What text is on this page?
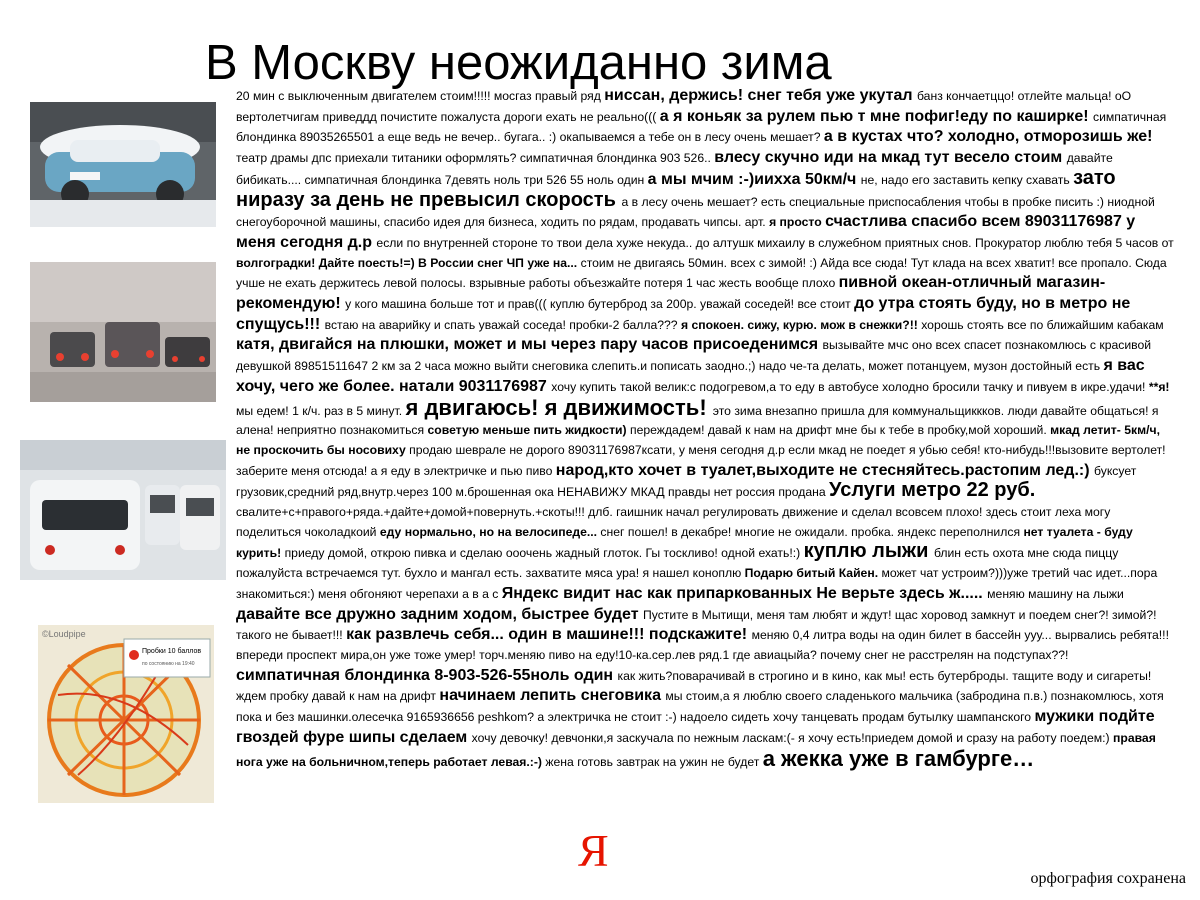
В Москву неожиданно зима
Пробки 10 баллов
по состоянию на 19:40
©Loudpipe
20 мин с выключенным двигателем стоим!!!!! мосгаз правый ряд ниссан, держись! снег тебя уже укутал банз кончаетццо! отлейте мальца! оО вертолетчигам приведдд почистите пожалуста дороги ехать не реально((( а я коньяк за рулем пью т мне пофиг!еду по каширке! симпатичная блондинка 89035265501 а еще ведь не вечер.. бугага.. :) окапываемся а тебе он в лесу очень мешает? а в кустах что? холодно, отморозишь же! театр драмы дпс приехали титаники оформлять? симпатичная блондинка 903 526.. влесу скучно иди на мкад тут весело стоим давайте бибикать.... симпатичная блондинка 7девять ноль три 526 55 ноль один а мы мчим :-)иихха 50км/ч не, надо его заставить кепку схавать зато ниразу за день не превысил скорость а в лесу очень мешает? есть специальные приспосабления чтобы в пробке писить :) ниодной снегоуборочной машины, спасибо идея для бизнеса, ходить по рядам, продавать чипсы. арт. я просто счастлива спасибо всем 89031176987 у меня сегодня д.р если по внутренней стороне то твои дела хуже некуда.. до алтушк михаилу в служебном приятных снов. Прокуратор люблю тебя 5 часов от волгоградки! Дайте поесть!=) В России снег ЧП уже на... стоим не двигаясь 50мин. всех с зимой! :) Айда все сюда! Тут клада на всех хватит! все пропало. Сюда учше не ехать держитесь левой полосы. взрывные работы объезжайте потеря 1 час жесть вообще плохо пивной океан-отличный магазин-рекомендую! у кого машина больше тот и прав((( куплю бутерброд за 200р. уважай соседей! все стоит до утра стоять буду, но в метро не спущусь!!! встаю на аварийку и спать уважай соседа! пробки-2 балла??? я спокоен. сижу, курю. мож в снежки?!! хорошь стоять все по ближайшим кабакам катя, двигайся на плюшки, может и мы через пару часов присоеденимся вызывайте мчс оно всех спасет познакомлюсь с красивой девушкой 89851511647 2 км за 2 часа можно выйти снеговика слепить.и пописать заодно.;) надо че-та делать, может потанцуем, музон достойный есть я вас хочу, чего же более. натали 9031176987 хочу купить такой велик:с подогревом,а то еду в автобусе холодно бросили тачку и пивуем в икре.удачи! **я! мы едем! 1 к/ч. раз в 5 минут. я двигаюсь! я движимость! это зима внезапно пришла для коммунальщиккков. люди давайте общаться! я алена! неприятно познакомиться советую меньше пить жидкости) переждадем! давай к нам на дрифт мне бы к тебе в пробку,мой хороший. мкад летит- 5км/ч, не проскочить бы носовиху продаю шеврале не дорого 89031176987ксати, у меня сегодня д.р если мкад не поедет я убью себя! кто-нибудь!!!вызовите вертолет!заберите меня отсюда! а я еду в электричке и пью пиво народ,кто хочет в туалет,выходите не стесняйтесь.растопим лед.:) буксует грузовик,средний ряд,внутр.через 100 м.брошенная ока НЕНАВИЖУ МКАД правды нет россия продана Услуги метро 22 руб. свалите+с+правого+ряда.+дайте+домой+повернуть.+скоты!!! длб. гаишник начал регулировать движение и сделал всовсем плохо! здесь стоит леха могу поделиться чоколадкоий еду нормально, но на велосипеде... снег пошел! в декабре! многие не ожидали. пробка. яндекс переполнился нет туалета - буду курить! приеду домой, открою пивка и сделаю ооочень жадный глоток. Гы тоскливо! одной ехать!:) куплю лыжи блин есть охота мне сюда пиццу пожалуйста встречаемся тут. бухло и мангал есть. захватите мяса ура! я нашел коноплю Подарю битый Кайен. может чат устроим?)))уже третий час идет...пора знакомиться:) меня обгоняют черепахи а в а с Яндекс видит нас как припаркованных Не верьте здесь ж..... меняю машину на лыжи давайте все дружно задним ходом, быстрее будет Пустите в Мытищи, меня там любят и ждут! щас хоровод замкнут и поедем снег?! зимой?! такого не бывает!!! как развлечь себя... один в машине!!! подскажите! меняю 0,4 литра воды на один билет в бассейн ууу... вырвались ребята!!!впереди проспект мира,он уже тоже умер! торч.меняю пиво на еду!10-ка.сер.лев ряд.1 где авиацыйа? почему снег не расстрелян на подступах??! симпатичная блондинка 8-903-526-55ноль один как жить?поварачивай в строгино и в кино, как мы! есть бутерброды. тащите воду и сигареты! ждем пробку давай к нам на дрифт начинаем лепить снеговика мы стоим,а я люблю своего сладенького мальчика (забродина п.в.) познакомлюсь, хотя пока и без машинки.олесечка 9165936656 peshkom? а электричка не стоит :-) надоело сидеть хочу танцевать продам бутылку шампанского мужики подйте гвоздей фуре шипы сделаем хочу девочку! девчонки,я заскучала по нежным ласкам:(- я хочу есть!приедем домой и сразу на работу поедем:) правая нога уже на больничном,теперь работает левая.:-) жена готовь завтрак на ужин не будет а жекка уже в гамбурге…
Я
орфография сохранена
